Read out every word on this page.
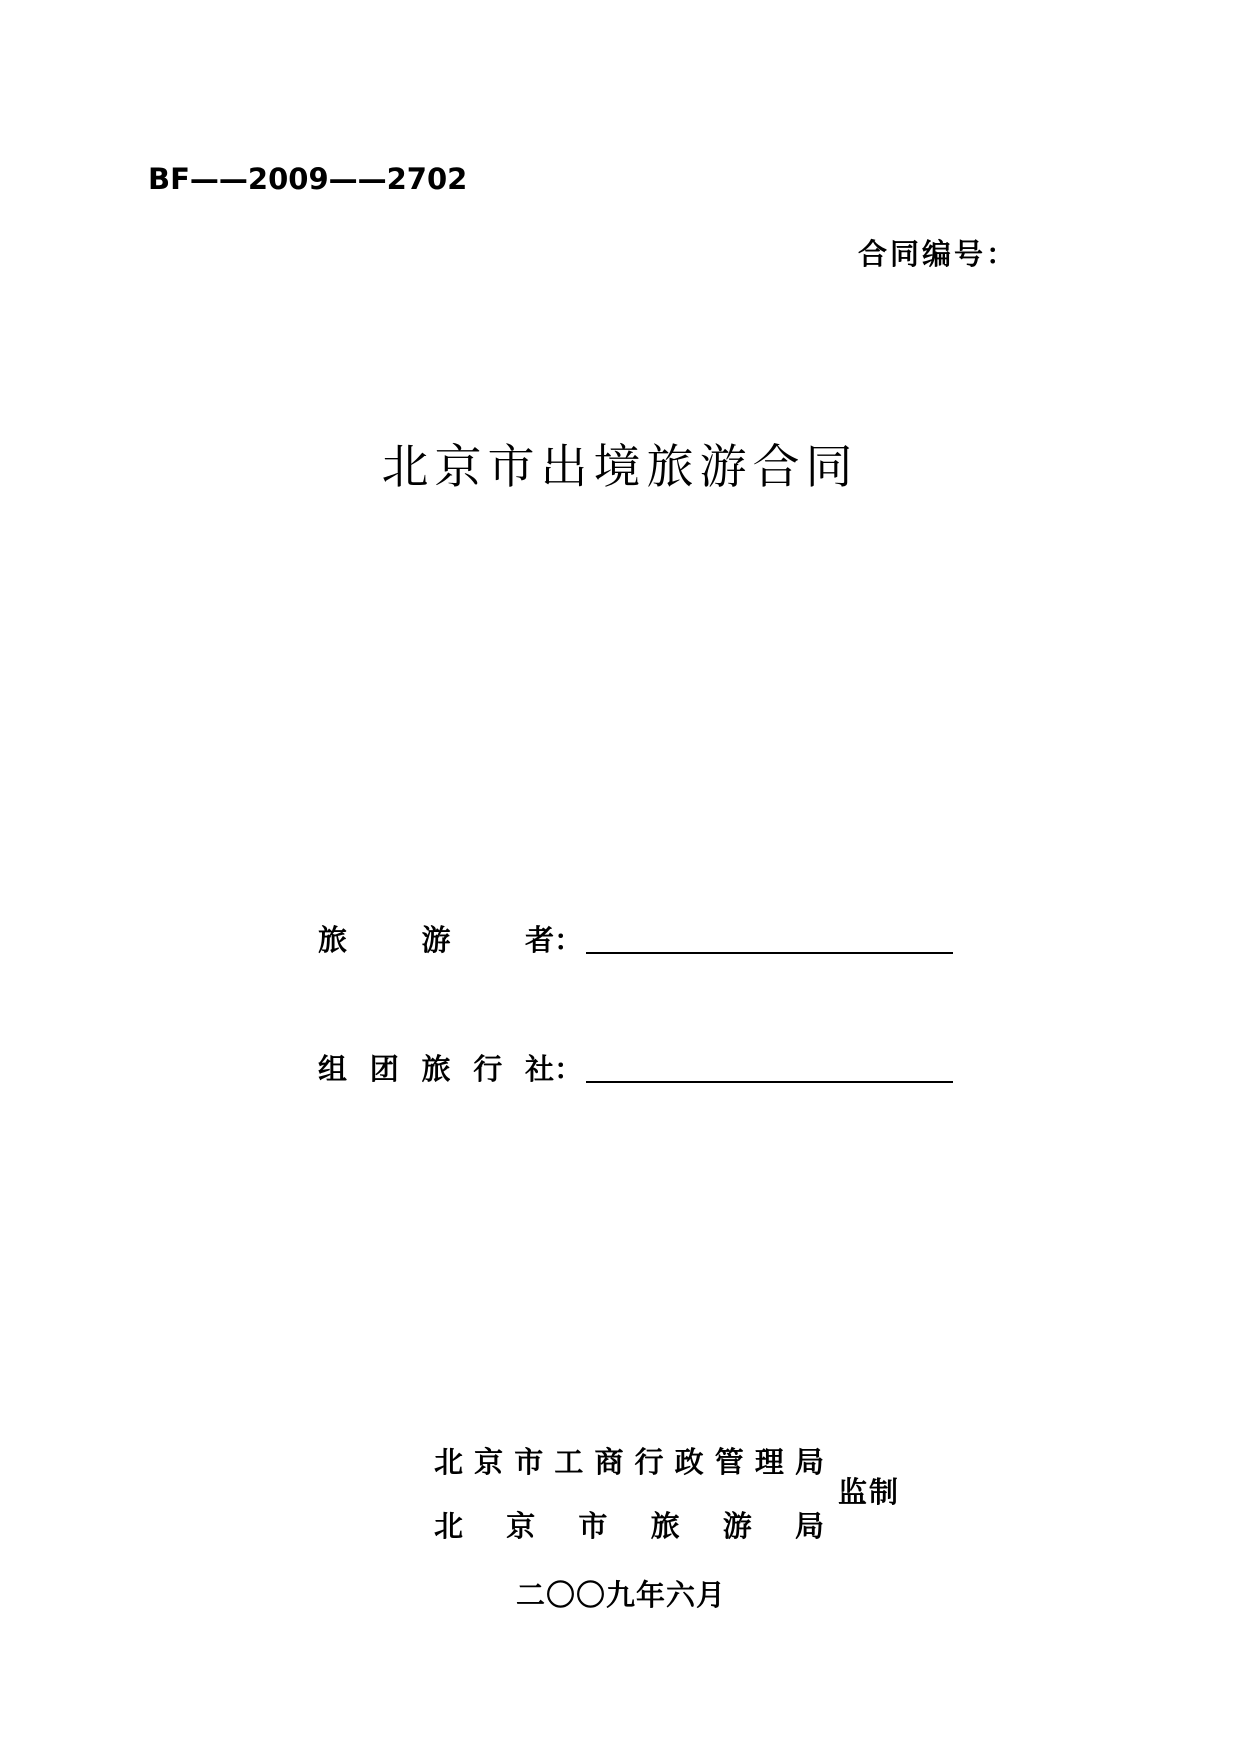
BF——2009——2702
合同编号：
北京市出境旅游合同
旅	游	者：
组 团 旅 行 社：
北 京 市 工 商 行 政 管 理 局
北 京 市 旅 游 局
监制
二〇〇九年六月
